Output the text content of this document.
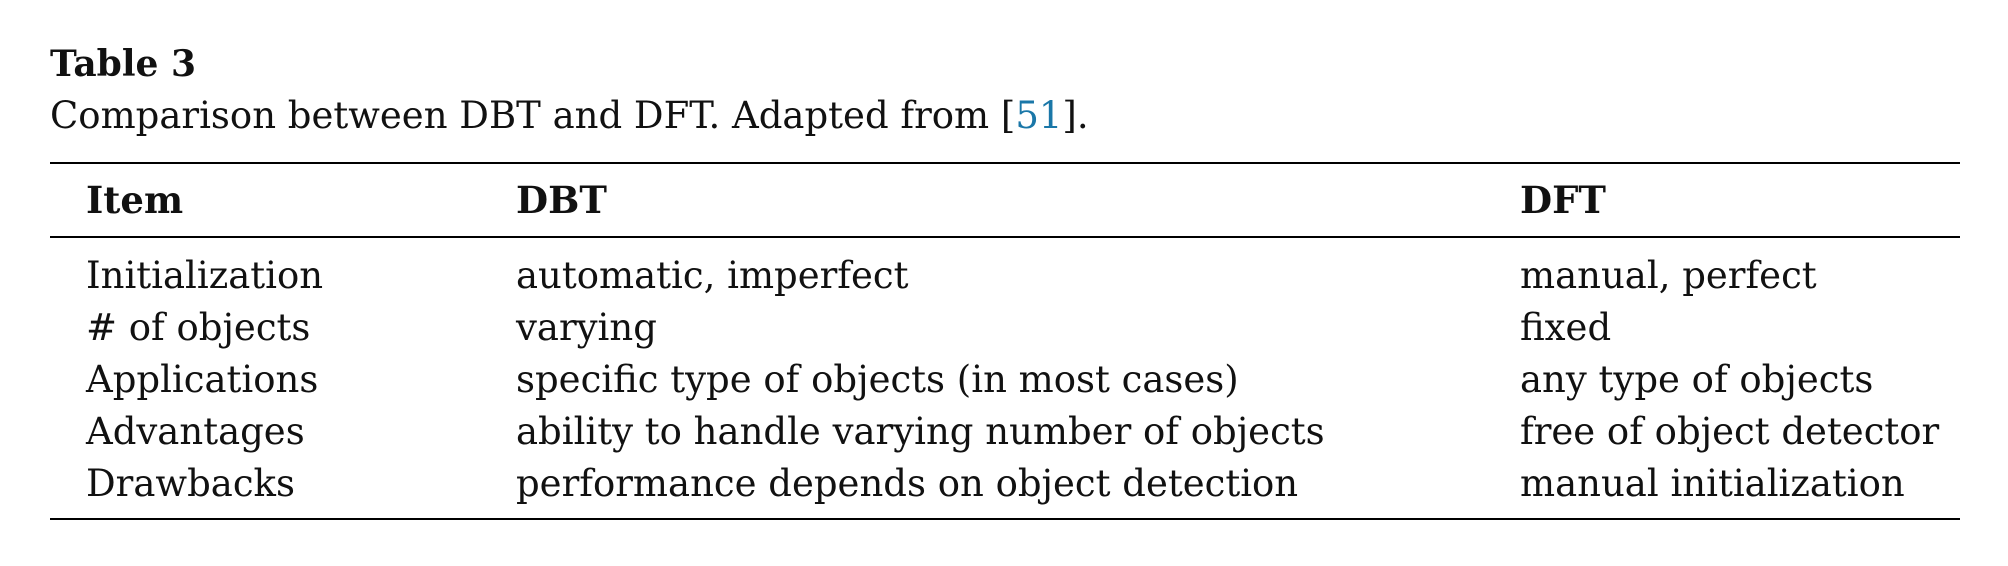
Table 3
Comparison between DBT and DFT. Adapted from [51].
Item	DBT	DFT
Initialization	automatic, imperfect	manual, perfect
# of objects	varying	fixed
Applications	specific type of objects (in most cases)	any type of objects
Advantages	ability to handle varying number of objects	free of object detector
Drawbacks	performance depends on object detection	manual initialization
